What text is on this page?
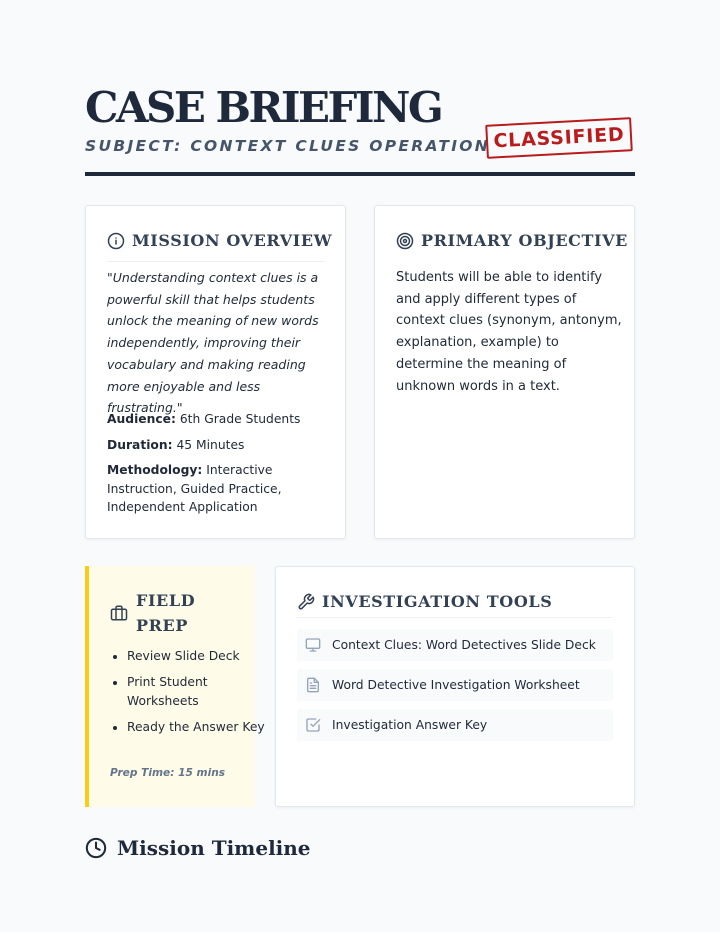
CASE BRIEFING
SUBJECT: CONTEXT CLUES OPERATION CLASSIFIED
MISSION OVERVIEW
"Understanding context clues is a powerful skill that helps students unlock the meaning of new words independently, improving their vocabulary and making reading more enjoyable and less frustrating."
Audience: 6th Grade Students
Duration: 45 Minutes
Methodology: Interactive Instruction, Guided Practice, Independent Application
PRIMARY OBJECTIVE
Students will be able to identify and apply different types of context clues (synonym, antonym, explanation, example) to determine the meaning of unknown words in a text.
FIELD PREP
• Review Slide Deck
• Print Student Worksheets
• Ready the Answer Key
Prep Time: 15 mins
INVESTIGATION TOOLS
Context Clues: Word Detectives Slide Deck
Word Detective Investigation Worksheet
Investigation Answer Key
Mission Timeline
